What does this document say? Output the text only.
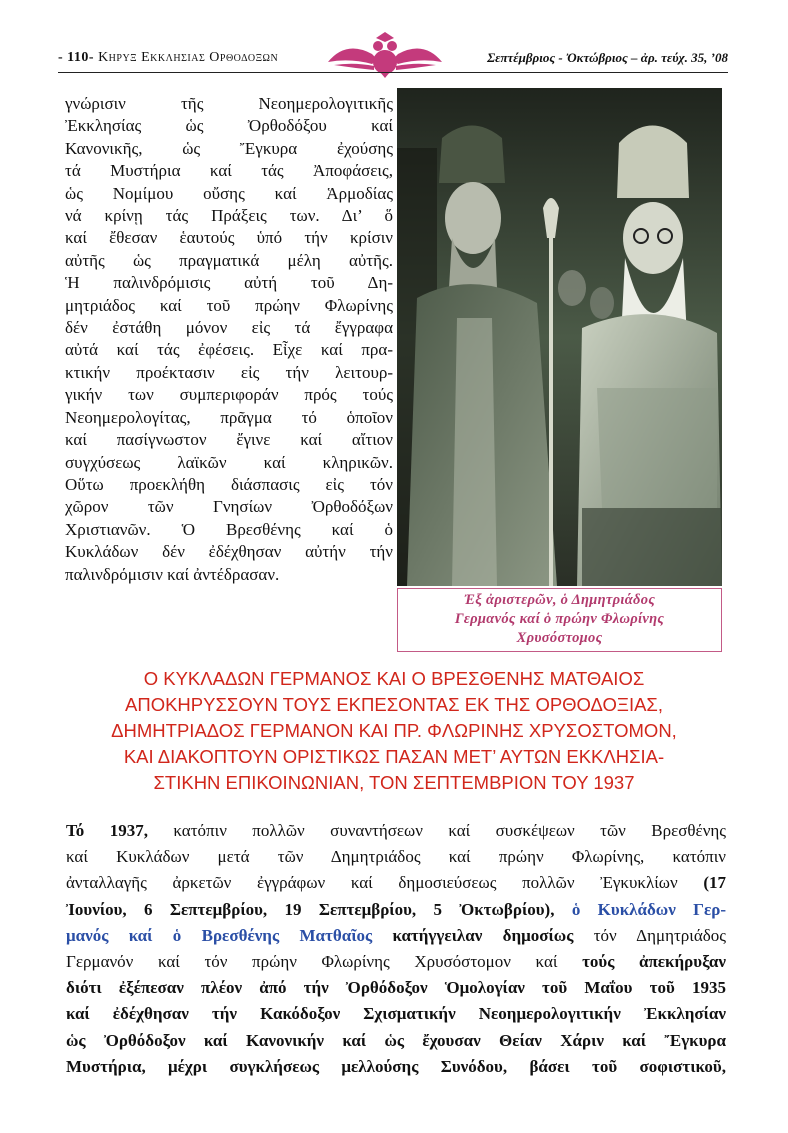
- 110- Κηρυξ Εκκλησιας Ορθοδοξων	Σεπτέμβριος - Ὀκτώβριος – ἀρ. τεύχ. 35, ’08
γνώρισιν τῆς Νεοημερολογιτικῆς
Ἐκκλησίας ὡς Ὀρθοδόξου καί
Κανονικῆς, ὡς Ἔγκυρα ἐχούσης
τά Μυστήρια καί τάς Ἀποφάσεις,
ὡς Νομίμου οὔσης καί Ἁρμοδίας
νά κρίνῃ τάς Πράξεις των. Δι’ ὅ
καί ἔθεσαν ἑαυτούς ὑπό τήν κρίσιν
αὐτῆς ὡς πραγματικά μέλη αὐτῆς.
Ἡ παλινδρόμισις αὐτή τοῦ Δη-
μητριάδος καί τοῦ πρώην Φλωρίνης
δέν ἐστάθη μόνον εἰς τά ἔγγραφα
αὐτά καί τάς ἐφέσεις. Εἶχε καί πρα-
κτικήν προέκτασιν εἰς τήν λειτουρ-
γικήν των συμπεριφοράν πρός τούς
Νεοημερολογίτας, πρᾶγμα τό ὁποῖον
καί πασίγνωστον ἔγινε καί αἴτιον
συγχύσεως λαϊκῶν καί κληρικῶν.
Οὕτω προεκλήθη διάσπασις εἰς τόν
χῶρον τῶν Γνησίων Ὀρθοδόξων
Χριστιανῶν. Ὁ Βρεσθένης καί ὁ
Κυκλάδων δέν ἐδέχθησαν αὐτήν τήν
παλινδρόμισιν καί ἀντέδρασαν.
Ἐξ ἀριστερῶν, ὁ Δημητριάδος
Γερμανός καί ὁ πρώην Φλωρίνης
Χρυσόστομος
Ο ΚΥΚΛΑΔΩΝ ΓΕΡΜΑΝΟΣ ΚΑΙ Ο ΒΡΕΣΘΕΝΗΣ ΜΑΤΘΑΙΟΣ
ΑΠΟΚΗΡΥΣΣΟΥΝ ΤΟΥΣ ΕΚΠΕΣΟΝΤΑΣ ΕΚ ΤΗΣ ΟΡΘΟΔΟΞΙΑΣ,
ΔΗΜΗΤΡΙΑΔΟΣ ΓΕΡΜΑΝΟΝ ΚΑΙ ΠΡ. ΦΛΩΡΙΝΗΣ ΧΡΥΣΟΣΤΟΜΟΝ,
ΚΑΙ ΔΙΑΚΟΠΤΟΥΝ ΟΡΙΣΤΙΚΩΣ ΠΑΣΑΝ ΜΕΤ’ ΑΥΤΩΝ ΕΚΚΛΗΣΙΑ-
ΣΤΙΚΗΝ ΕΠΙΚΟΙΝΩΝΙΑΝ, ΤΟΝ ΣΕΠΤΕΜΒΡΙΟΝ ΤΟΥ 1937
Τό 1937, κατόπιν πολλῶν συναντήσεων καί συσκέψεων τῶν Βρεσθένης
καί Κυκλάδων μετά τῶν Δημητριάδος καί πρώην Φλωρίνης, κατόπιν
ἀνταλλαγῆς ἀρκετῶν ἐγγράφων καί δημοσιεύσεως πολλῶν Ἐγκυκλίων (17
Ἰουνίου, 6 Σεπτεμβρίου, 19 Σεπτεμβρίου, 5 Ὀκτωβρίου), ὁ Κυκλάδων Γερ-
μανός καί ὁ Βρεσθένης Ματθαῖος κατήγγειλαν δημοσίως τόν Δημητριάδος
Γερμανόν καί τόν πρώην Φλωρίνης Χρυσόστομον καί τούς ἀπεκήρυξαν
διότι ἐξέπεσαν πλέον ἀπό τήν Ὀρθόδοξον Ὁμολογίαν τοῦ Μαΐου τοῦ 1935
καί ἐδέχθησαν τήν Κακόδοξον Σχισματικήν Νεοημερολογιτικήν Ἐκκλησίαν
ὡς Ὀρθόδοξον καί Κανονικήν καί ὡς ἔχουσαν Θείαν Χάριν καί Ἔγκυρα
Μυστήρια, μέχρι συγκλήσεως μελλούσης Συνόδου, βάσει τοῦ σοφιστικοῦ,
